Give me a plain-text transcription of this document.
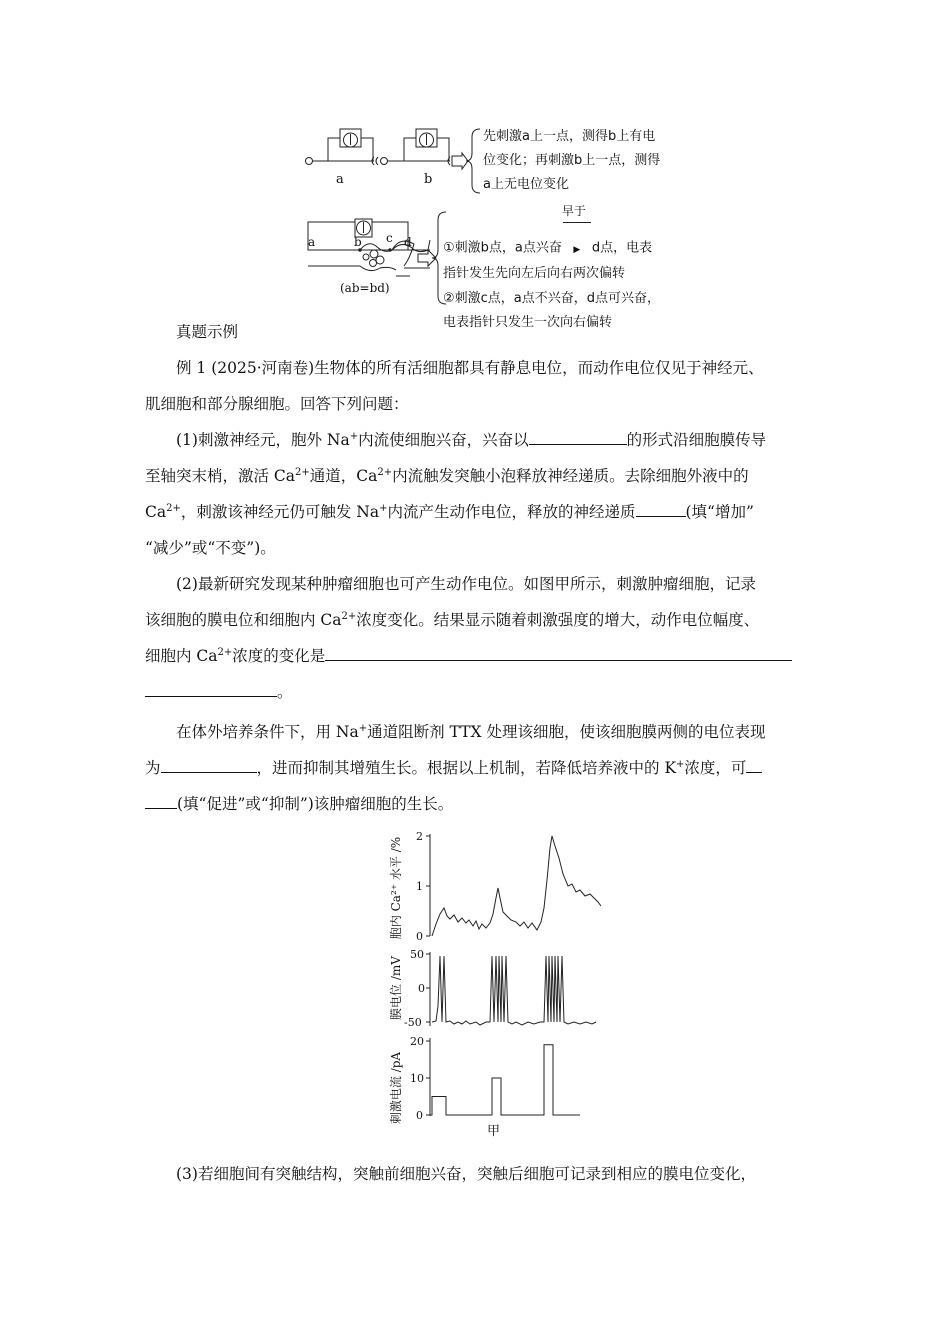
a	b
先刺激a上一点，测得b上有电
位变化；再刺激b上一点，测得
a上无电位变化
a	b c d
(ab=bd)
①刺激b点，a点兴奋
早于
▶ d点，电表
指针发生先向左后向右两次偏转
②刺激c点，a点不兴奋，d点可兴奋，
电表指针只发生一次向右偏转
真题示例
例 1 (2025·河南卷)生物体的所有活细胞都具有静息电位，而动作电位仅见于神经元、
肌细胞和部分腺细胞。回答下列问题：
(1)刺激神经元，胞外 Na+内流使细胞兴奋，兴奋以	的形式沿细胞膜传导
至轴突末梢，激活 $Ca^{2+}$通道，$Ca^{2+}$内流触发突触小泡释放神经递质。去除细胞外液中的
$Ca^{2+}$，刺激该神经元仍可触发 Na+内流产生动作电位，释放的神经递质	(填“增加”
“减少”或“不变”)。
(2)最新研究发现某种肿瘤细胞也可产生动作电位。如图甲所示，刺激肿瘤细胞，记录
该细胞的膜电位和细胞内 $Ca^{2+}$浓度变化。结果显示随着刺激强度的增大，动作电位幅度、
细胞内 $Ca^{2+}$浓度的变化是
。
在体外培养条件下，用 Na+通道阻断剂 TTX 处理该细胞，使该细胞膜两侧的电位表现
为	，进而抑制其增殖生长。根据以上机制，若降低培养液中的 K+浓度，可
(填“促进”或“抑制”)该肿瘤细胞的生长。
胞内 Ca²⁺ 水平 /%
膜电位 /mV
刺激电流 /pA
2
1
0
50
0
-50
20
10
0
甲
(3)若细胞间有突触结构，突触前细胞兴奋，突触后细胞可记录到相应的膜电位变化，
